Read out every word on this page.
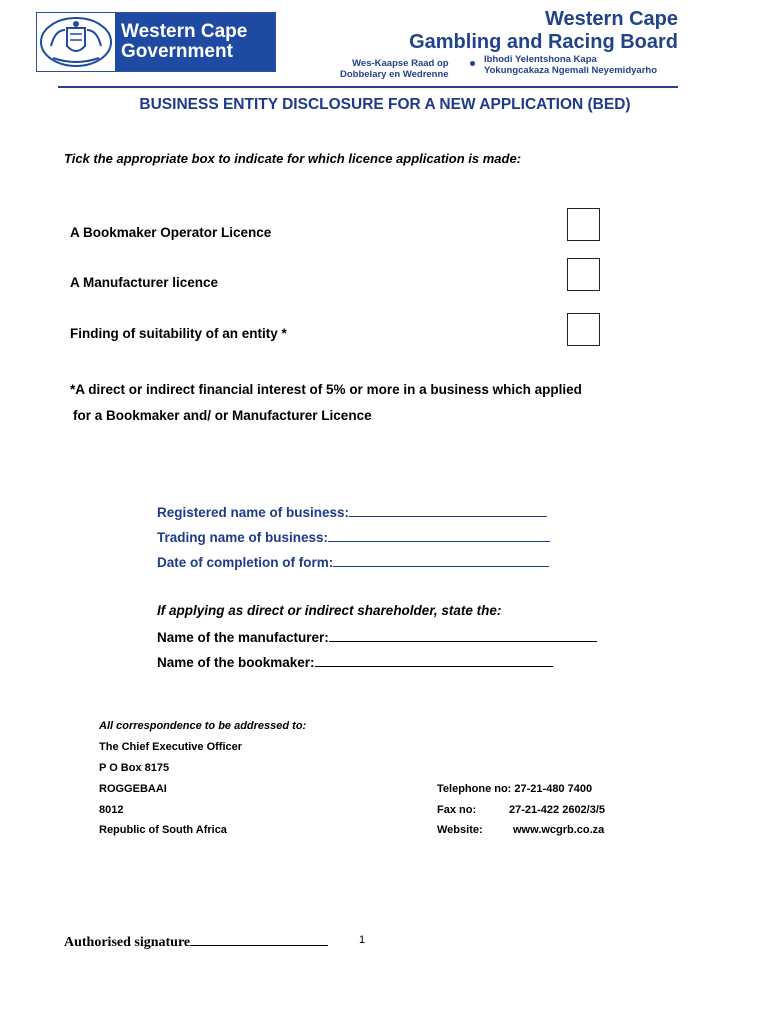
Western Cape
Government
Western Cape
Gambling and Racing Board
Wes-Kaapse Raad op
Dobbelary en Wedrenne
Ibhodi Yelentshona Kapa
Yokungcakaza Ngemali Neyemidyarho
BUSINESS ENTITY DISCLOSURE FOR A NEW APPLICATION (BED)
Tick the appropriate box to indicate for which licence application is made:
A Bookmaker Operator Licence
A Manufacturer licence
Finding of suitability of an entity *
*A direct or indirect financial interest of 5% or more in a business which applied
for a Bookmaker and/ or Manufacturer Licence
Registered name of business:
Trading name of business:
Date of completion of form:
If applying as direct or indirect shareholder, state the:
Name of the manufacturer:
Name of the bookmaker:
All correspondence to be addressed to:
The Chief Executive Officer
P O Box 8175
ROGGEBAAI
8012
Republic of South Africa
Telephone no: 27-21-480 7400
Fax no:	27-21-422 2602/3/5
Website:	www.wcgrb.co.za
Authorised signature	1
